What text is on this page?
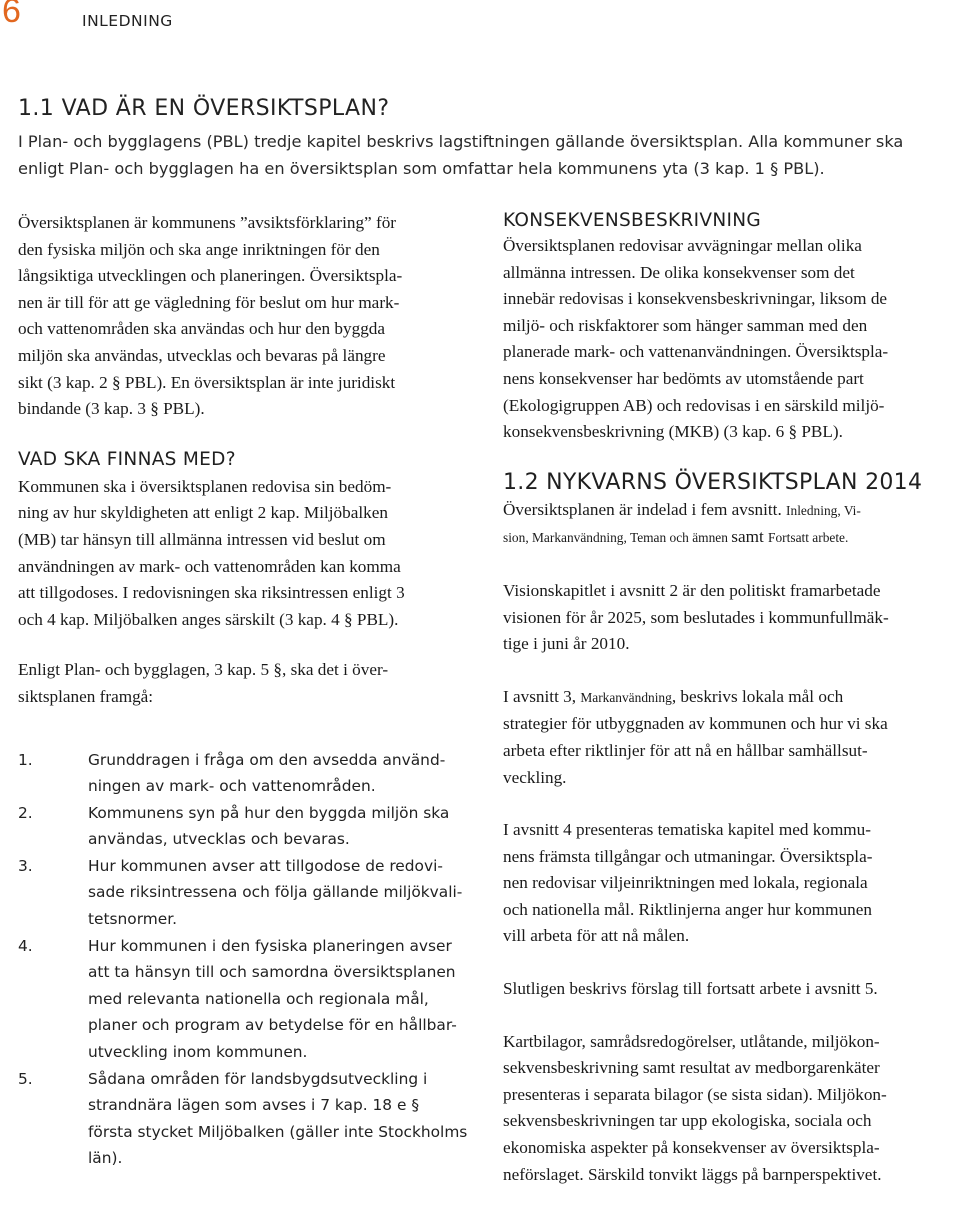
6	INLEDNING
1.1 VAD ÄR EN ÖVERSIKTSPLAN?

I Plan- och bygglagens (PBL) tredje kapitel beskrivs lagstiftningen gällande översiktsplan. Alla kommuner ska
enligt Plan- och bygglagen ha en översiktsplan som omfattar hela kommunens yta (3 kap. 1 § PBL).

Översiktsplanen är kommunens ”avsiktsförklaring” för
den fysiska miljön och ska ange inriktningen för den
långsiktiga utvecklingen och planeringen. Översiktspla-
nen är till för att ge vägledning för beslut om hur mark-
och vattenområden ska användas och hur den byggda
miljön ska användas, utvecklas och bevaras på längre
sikt (3 kap. 2 § PBL). En översiktsplan är inte juridiskt
bindande (3 kap. 3 § PBL).

VAD SKA FINNAS MED?

Kommunen ska i översiktsplanen redovisa sin bedöm-
ning av hur skyldigheten att enligt 2 kap. Miljöbalken
(MB) tar hänsyn till allmänna intressen vid beslut om
användningen av mark- och vattenområden kan komma
att tillgodoses. I redovisningen ska riksintressen enligt 3
och 4 kap. Miljöbalken anges särskilt (3 kap. 4 § PBL).

Enligt Plan- och bygglagen, 3 kap. 5 §, ska det i över-
siktsplanen framgå:

1.	Grunddragen i fråga om den avsedda använd-
ningen av mark- och vattenområden.
2.	Kommunens syn på hur den byggda miljön ska
användas, utvecklas och bevaras.
3.	Hur kommunen avser att tillgodose de redovi-
sade riksintressena och följa gällande miljökvali-
tetsnormer.
4.	Hur kommunen i den fysiska planeringen avser
att ta hänsyn till och samordna översiktsplanen
med relevanta nationella och regionala mål,
planer och program av betydelse för en hållbar-
utveckling inom kommunen.
5.	Sådana områden för landsbygdsutveckling i
strandnära lägen som avses i 7 kap. 18 e §
första stycket Miljöbalken (gäller inte Stockholms
län).
KONSEKVENSBESKRIVNING

Översiktsplanen redovisar avvägningar mellan olika
allmänna intressen. De olika konsekvenser som det
innebär redovisas i konsekvensbeskrivningar, liksom de
miljö- och riskfaktorer som hänger samman med den
planerade mark- och vattenanvändningen. Översiktspla-
nens konsekvenser har bedömts av utomstående part
(Ekologigruppen AB) och redovisas i en särskild miljö-
konsekvensbeskrivning (MKB) (3 kap. 6 § PBL).

1.2 NYKVARNS ÖVERSIKTSPLAN 2014

Översiktsplanen är indelad i fem avsnitt. Inledning, Vi-
sion, Markanvändning, Teman och ämnen samt Fortsatt arbete.

Visionskapitlet i avsnitt 2 är den politiskt framarbetade
visionen för år 2025, som beslutades i kommunfullmäk-
tige i juni år 2010.

I avsnitt 3, Markanvändning, beskrivs lokala mål och
strategier för utbyggnaden av kommunen och hur vi ska
arbeta efter riktlinjer för att nå en hållbar samhällsut-
veckling.

I avsnitt 4 presenteras tematiska kapitel med kommu-
nens främsta tillgångar och utmaningar. Översiktspla-
nen redovisar viljeinriktningen med lokala, regionala
och nationella mål. Riktlinjerna anger hur kommunen
vill arbeta för att nå målen.

Slutligen beskrivs förslag till fortsatt arbete i avsnitt 5.

Kartbilagor, samrådsredogörelser, utlåtande, miljökon-
sekvensbeskrivning samt resultat av medborgarenkäter
presenteras i separata bilagor (se sista sidan). Miljökon-
sekvensbeskrivningen tar upp ekologiska, sociala och
ekonomiska aspekter på konsekvenser av översiktspla-
neförslaget. Särskild tonvikt läggs på barnperspektivet.
